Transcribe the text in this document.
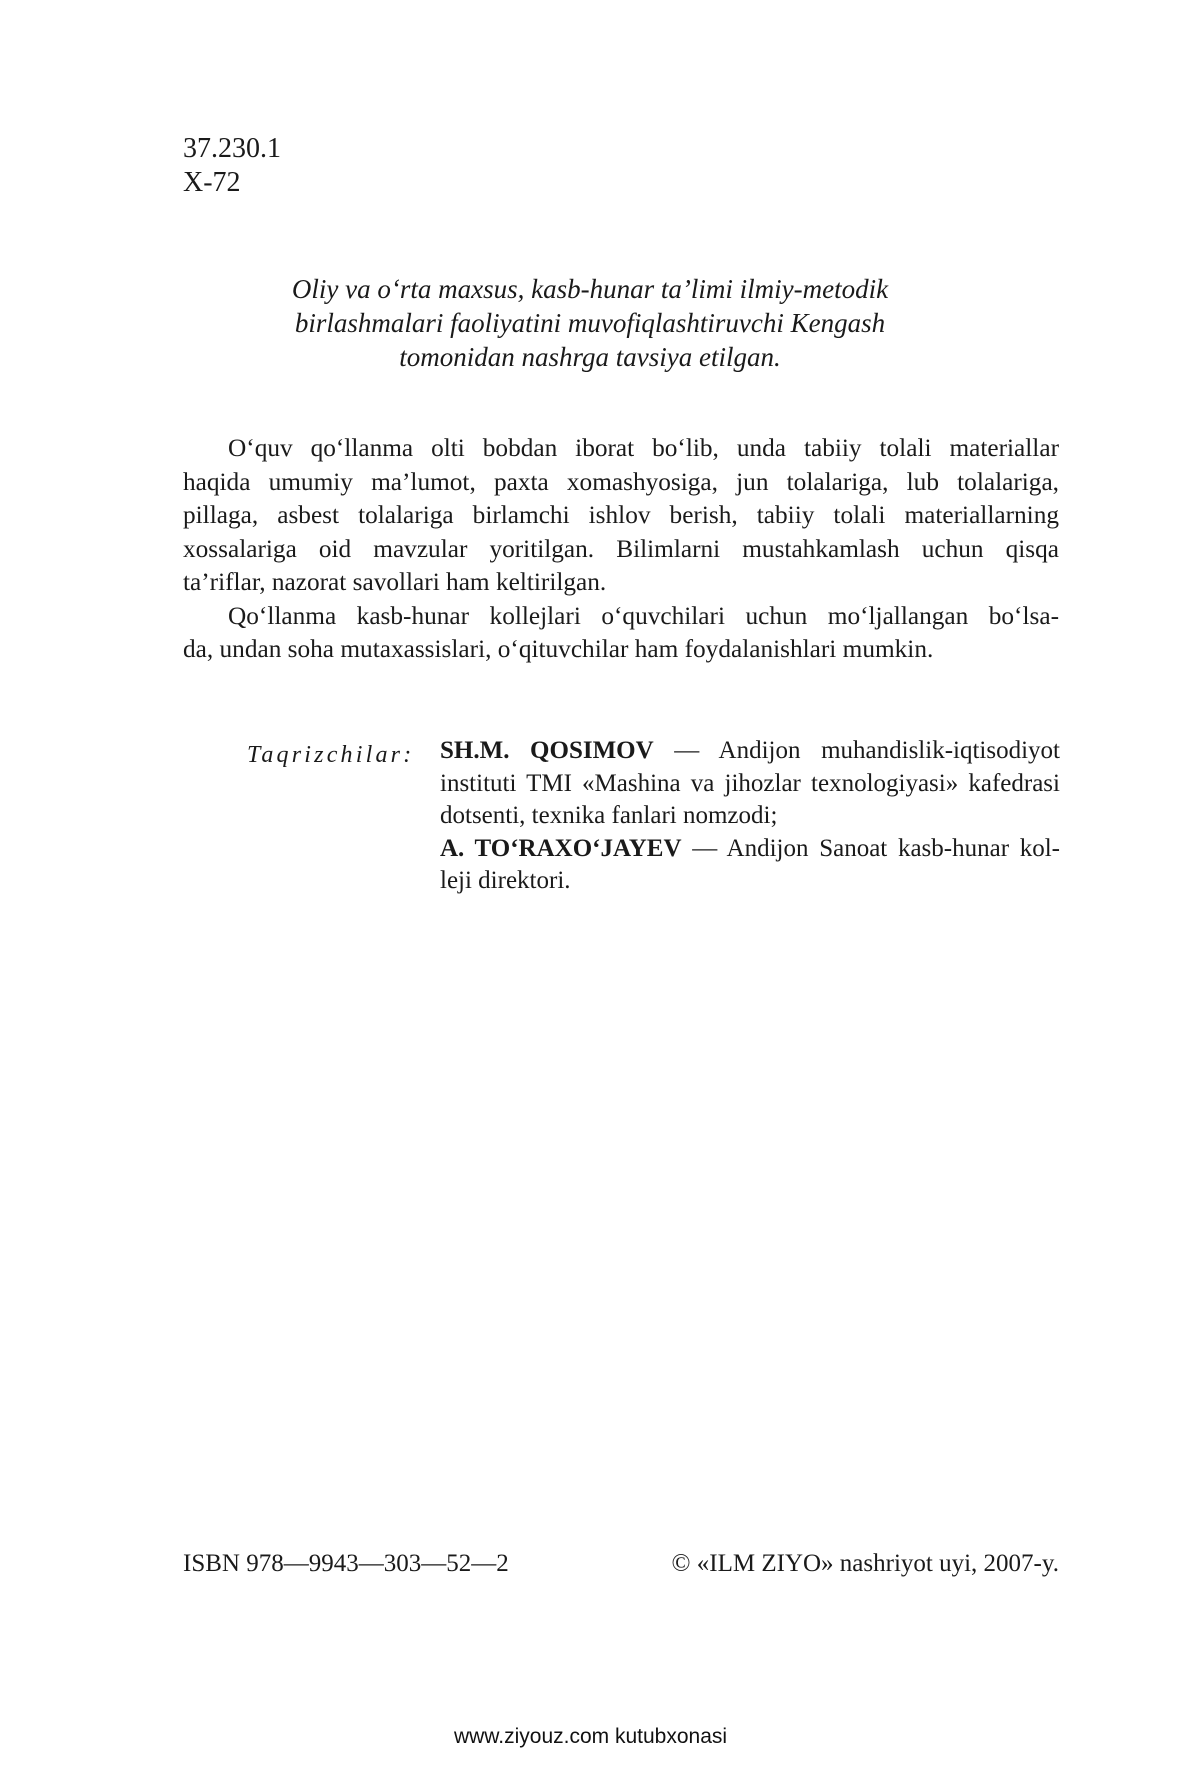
37.230.1
X-72
Oliy va o‘rta maxsus, kasb-hunar ta’limi ilmiy-metodik
birlashmalari faoliyatini muvofiqlashtiruvchi Kengash
tomonidan nashrga tavsiya etilgan.
O‘quv qo‘llanma olti bobdan iborat bo‘lib, unda tabiiy tolali materiallar
haqida umumiy ma’lumot, paxta xomashyosiga, jun tolalariga, lub tolalariga,
pillaga, asbest tolalariga birlamchi ishlov berish, tabiiy tolali materiallarning
xossalariga oid mavzular yoritilgan. Bilimlarni mustahkamlash uchun qisqa
ta’riflar, nazorat savollari ham keltirilgan.
Qo‘llanma kasb-hunar kollejlari o‘quvchilari uchun mo‘ljallangan bo‘lsa-
da, undan soha mutaxassislari, o‘qituvchilar ham foydalanishlari mumkin.
Taqrizchilar: SH.M. QOSIMOV — Andijon muhandislik-iqtisodiyot
instituti TMI «Mashina va jihozlar texnologiyasi» kafedrasi
dotsenti, texnika fanlari nomzodi;
A. TO‘RAXO‘JAYEV — Andijon Sanoat kasb-hunar kol-
leji direktori.
ISBN 978—9943—303—52—2	© «ILM ZIYO» nashriyot uyi, 2007-y.
www.ziyouz.com kutubxonasi
